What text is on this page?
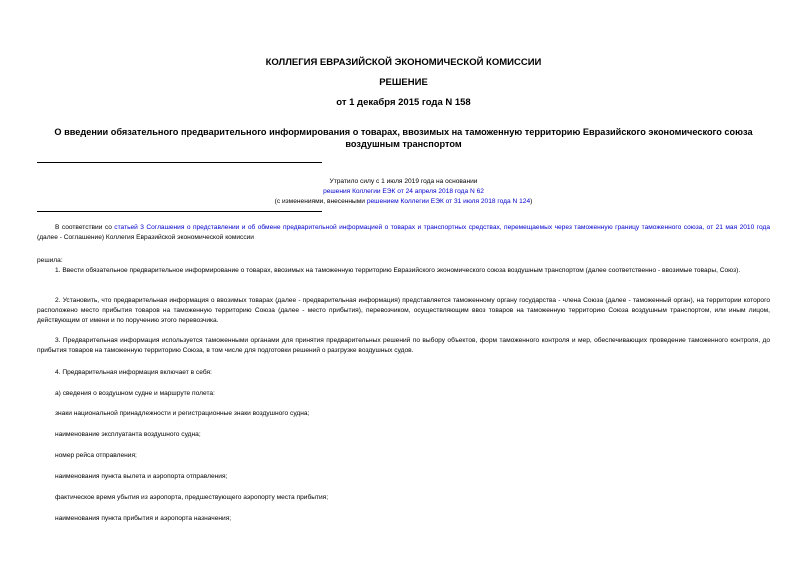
КОЛЛЕГИЯ ЕВРАЗИЙСКОЙ ЭКОНОМИЧЕСКОЙ КОМИССИИ
РЕШЕНИЕ
от 1 декабря 2015 года N 158
О введении обязательного предварительного информирования о товарах, ввозимых на таможенную территорию Евразийского экономического союза воздушным транспортом
Утратило силу с 1 июля 2019 года на основании
решения Коллегии ЕЭК от 24 апреля 2018 года N 62
(с изменениями, внесенными решением Коллегии ЕЭК от 31 июля 2018 года N 124)
В соответствии со статьей 3 Соглашения о представлении и об обмене предварительной информацией о товарах и транспортных средствах, перемещаемых через таможенную границу таможенного союза, от 21 мая 2010 года (далее - Соглашение) Коллегия Евразийской экономической комиссии
решила:
1. Ввести обязательное предварительное информирование о товарах, ввозимых на таможенную территорию Евразийского экономического союза воздушным транспортом (далее соответственно - ввозимые товары, Союз).
2. Установить, что предварительная информация о ввозимых товарах (далее - предварительная информация) представляется таможенному органу государства - члена Союза (далее - таможенный орган), на территории которого расположено место прибытия товаров на таможенную территорию Союза (далее - место прибытия), перевозчиком, осуществляющим ввоз товаров на таможенную территорию Союза воздушным транспортом, или иным лицом, действующим от имени и по поручению этого перевозчика.
3. Предварительная информация используется таможенными органами для принятия предварительных решений по выбору объектов, форм таможенного контроля и мер, обеспечивающих проведение таможенного контроля, до прибытия товаров на таможенную территорию Союза, в том числе для подготовки решений о разгрузке воздушных судов.
4. Предварительная информация включает в себя:
а) сведения о воздушном судне и маршруте полета:
знаки национальной принадлежности и регистрационные знаки воздушного судна;
наименование эксплуатанта воздушного судна;
номер рейса отправления;
наименования пункта вылета и аэропорта отправления;
фактическое время убытия из аэропорта, предшествующего аэропорту места прибытия;
наименования пункта прибытия и аэропорта назначения;
